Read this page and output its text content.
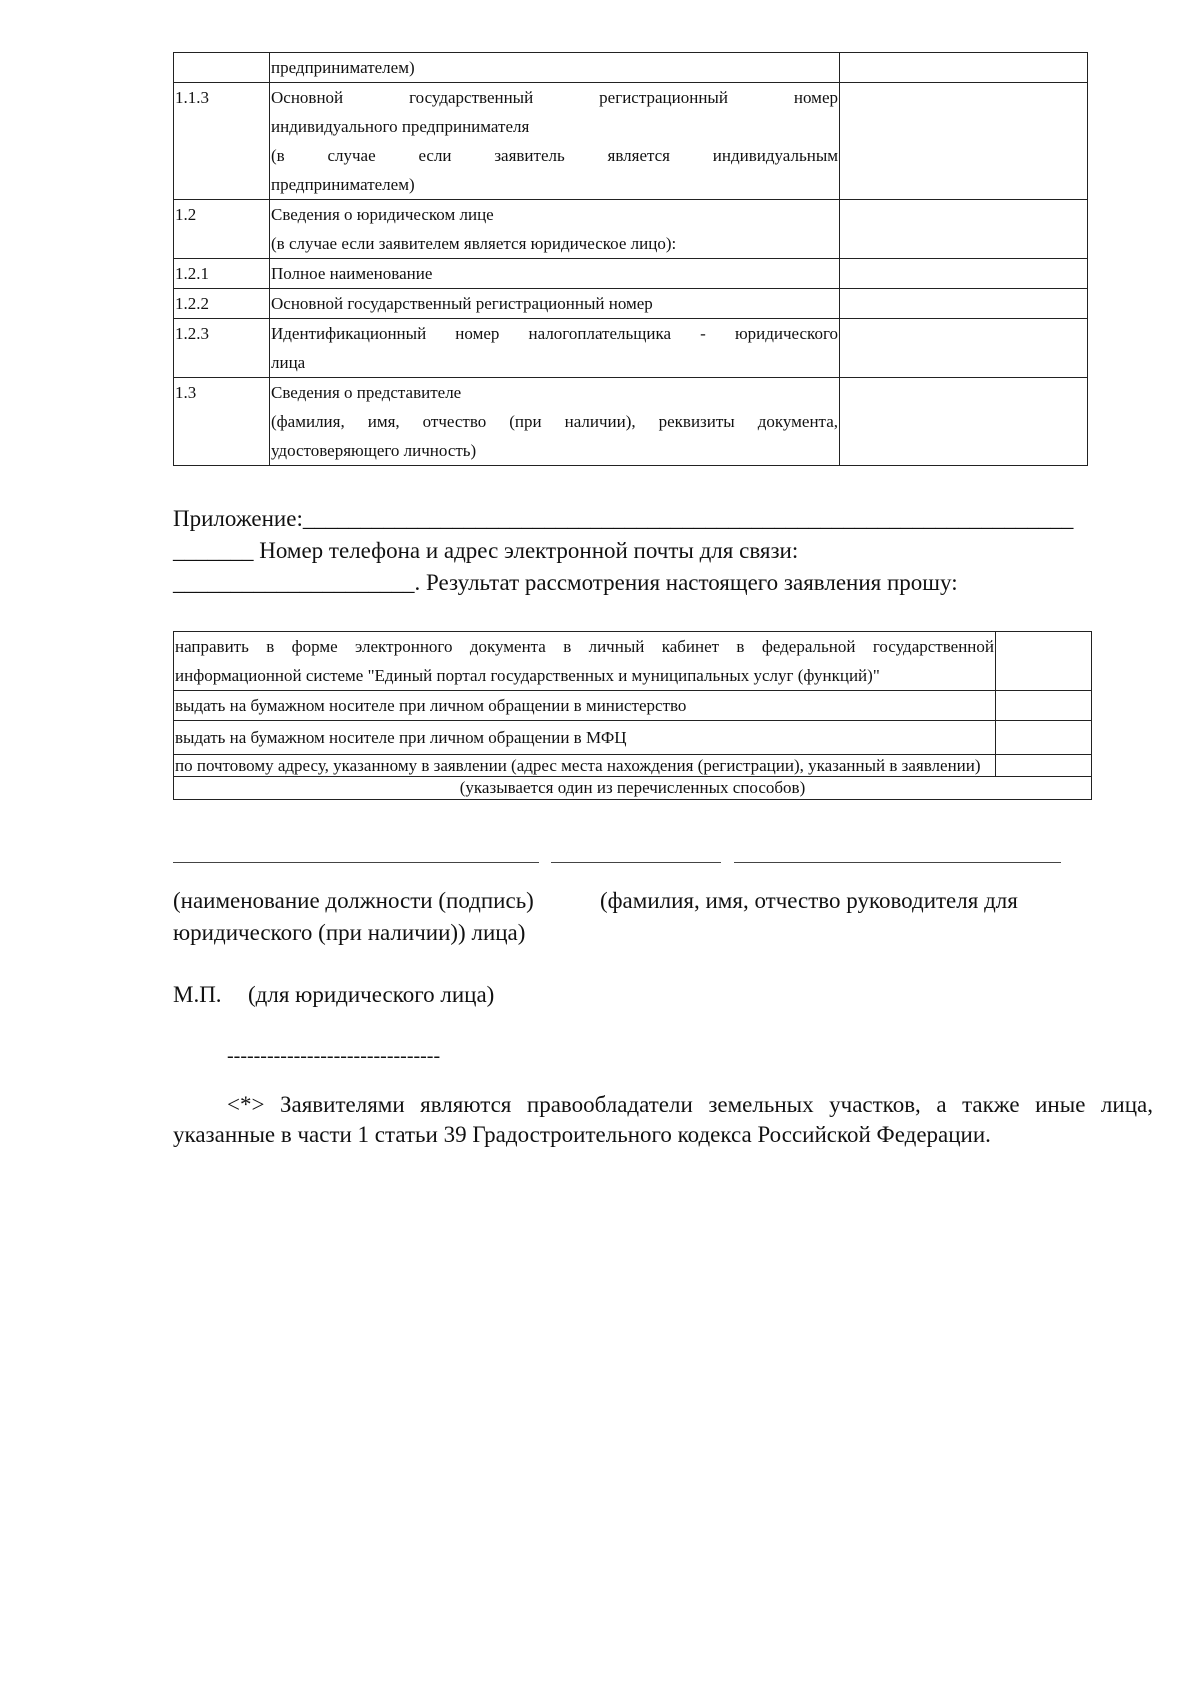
	предпринимателем)	
1.1.3	Основной государственный регистрационный номер
индивидуального предпринимателя
(в случае если заявитель является индивидуальным
предпринимателем)	

1.2	Сведения о юридическом лице
(в случае если заявителем является юридическое лицо):	

1.2.1	Полное наименование	
1.2.2	Основной государственный регистрационный номер	
1.2.3	Идентификационный номер налогоплательщика - юридического
лица	

1.3	Сведения о представителе
(фамилия, имя, отчество (при наличии), реквизиты документа,
удостоверяющего личность)	

Приложение:___________________________________________________________________
_______ Номер телефона и адрес электронной почты для связи:
_____________________. Результат рассмотрения настоящего заявления прошу:
направить в форме электронного документа в личный кабинет в федеральной государственной
информационной системе "Единый портал государственных и муниципальных услуг (функций)"	

выдать на бумажном носителе при личном обращении в министерство	
выдать на бумажном носителе при личном обращении в МФЦ	
по почтовому адресу, указанному в заявлении (адрес места нахождения (регистрации), указанный в заявлении)	
(указывается один из перечисленных способов)	
(наименование должности (подпись)	(фамилия, имя, отчество руководителя для
юридического (при наличии)) лица)
М.П. (для юридического лица)
--------------------------------
<*> Заявителями являются правообладатели земельных участков, а также иные лица, указанные в части 1 статьи 39 Градостроительного кодекса Российской Федерации.
